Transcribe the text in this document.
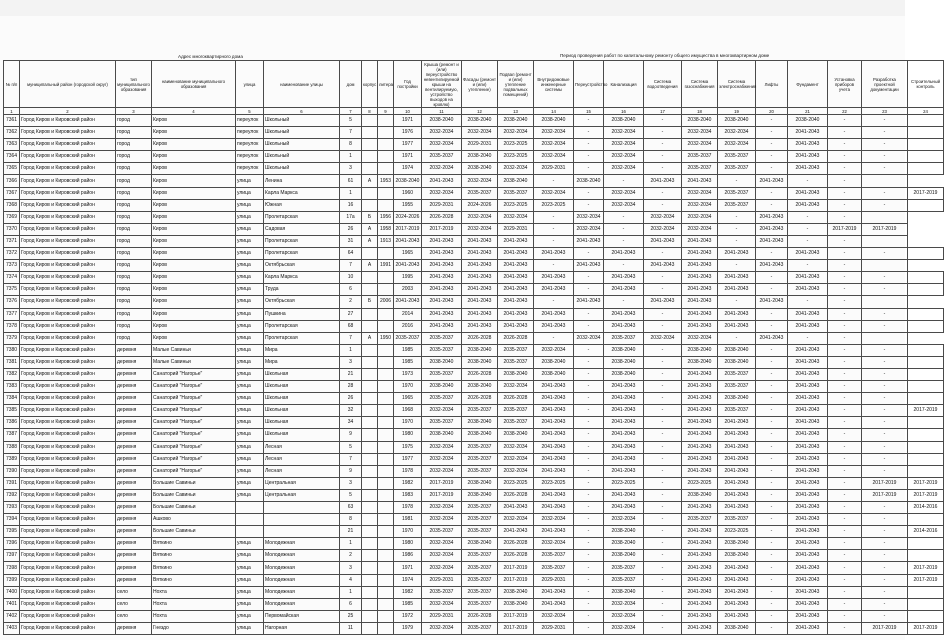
Адрес многоквартирного дома	Период проведения работ по капитальному ремонту общего имущества в многоквартирном доме
№ п/п	муниципальный район (городской округ)	тип муниципального образования	наименование муниципального образования	улица	наименование улицы	дом	корпус	литера	Год постройки	Крыша (ремонт и (или) переустройство невентилируемой крыши на вентилируемую, устройство выходов на кровлю)	Фасады (ремонт и (или) утепление)	Подвал (ремонт и (или) утепление подвальных помещений)	Внутридомовые инженерные системы	Переустройство	Канализация	Система водоотведения	Система газоснабжения	Система электроснабжения	Лифты	Фундамент	Установка приборов учета	Разработка проектной документации	Строительный контроль
1	2	3	4	5	6	7	8	9	10	11	12	13	14	15	16	17	18	19	20	21	22	23	24
7361	Город Киров и Кировский район	город	Киров	переулок	Школьный	5			1971	2038-2040	2038-2040	2038-2040	2038-2040	-	2038-2040	-	2038-2040	2038-2040	-	2038-2040	-	-	
7362	Город Киров и Кировский район	город	Киров	переулок	Школьный	7			1976	2032-2034	2032-2034	2032-2034	2032-2034	-	2032-2034	-	2032-2034	2032-2034	-	2041-2043	-	-	
7363	Город Киров и Кировский район	город	Киров	переулок	Школьный	8			1977	2032-2034	2029-2031	2023-2025	2032-2034	-	2032-2034	-	2032-2034	2032-2034	-	2041-2043	-	-	
7364	Город Киров и Кировский район	город	Киров	переулок	Школьный	1			1971	2035-2037	2038-2040	2023-2025	2032-2034	-	2032-2034	-	2035-2037	2035-2037	-	2041-2043	-	-	
7365	Город Киров и Кировский район	город	Киров	переулок	Школьный	3			1974	2032-2034	2038-2040	2032-2034	2029-2031	-	2032-2034	-	2035-2037	2035-2037	-	2041-2043	-	-	
7366	Город Киров и Кировский район	город	Киров	улица	Ленина	61	А	1953	2038-2040	2041-2043	2032-2034	2038-2040	-	2038-2040	-	2041-2043	2041-2043	-	2041-2043	-	-		
7367	Город Киров и Кировский район	город	Киров	улица	Карла Маркса	1			1960	2032-2034	2035-2037	2035-2037	2032-2034	-	2032-2034	-	2032-2034	2035-2037	-	2041-2043	-	-	2017-2019
7368	Город Киров и Кировский район	город	Киров	улица	Южная	16			1955	2029-2031	2024-2026	2023-2025	2023-2025	-	2032-2034	-	2032-2034	2035-2037	-	2041-2043	-	-	
7369	Город Киров и Кировский район	город	Киров	улица	Пролетарская	17а	Б	1956	2024-2026	2026-2028	2032-2034	2032-2034	-	2032-2034	-	2032-2034	2032-2034	-	2041-2043	-	-		
7370	Город Киров и Кировский район	город	Киров	улица	Садовая	26	А	1958	2017-2019	2017-2019	2032-2034	2029-2031	-	2032-2034	-	2032-2034	2032-2034	-	2041-2043	-	2017-2019	2017-2019	
7371	Город Киров и Кировский район	город	Киров	улица	Пролетарская	31	А	1913	2041-2043	2041-2043	2041-2043	2041-2043	-	2041-2043	-	2041-2043	2041-2043	-	2041-2043	-	-		
7372	Город Киров и Кировский район	город	Киров	улица	Пролетарская	64			1965	2041-2043	2041-2043	2041-2043	2041-2043	-	2041-2043	-	2041-2043	2041-2043	-	2041-2043	-	-	
7373	Город Киров и Кировский район	город	Киров	улица	Октябрьская	7	А	1991	2041-2043	2041-2043	2041-2043	2041-2043	-	2041-2043	-	2041-2043	2041-2043	-	2041-2043	-	-		
7374	Город Киров и Кировский район	город	Киров	улица	Карла Маркса	10			1995	2041-2043	2041-2043	2041-2043	2041-2043	-	2041-2043	-	2041-2043	2041-2043	-	2041-2043	-	-	
7375	Город Киров и Кировский район	город	Киров	улица	Труда	6			2003	2041-2043	2041-2043	2041-2043	2041-2043	-	2041-2043	-	2041-2043	2041-2043	-	2041-2043	-	-	
7376	Город Киров и Кировский район	город	Киров	улица	Октябрьская	2	Б	2006	2041-2043	2041-2043	2041-2043	2041-2043	-	2041-2043	-	2041-2043	2041-2043	-	2041-2043	-	-		
7377	Город Киров и Кировский район	город	Киров	улица	Пушкина	27			2014	2041-2043	2041-2043	2041-2043	2041-2043	-	2041-2043	-	2041-2043	2041-2043	-	2041-2043	-	-	
7378	Город Киров и Кировский район	город	Киров	улица	Пролетарская	68			2016	2041-2043	2041-2043	2041-2043	2041-2043	-	2041-2043	-	2041-2043	2041-2043	-	2041-2043	-	-	
7379	Город Киров и Кировский район	город	Киров	улица	Пролетарская	7	А	1950	2035-2037	2035-2037	2026-2028	2026-2028	-	2032-2034	2035-2037	2032-2034	2032-2034	-	2041-2043	-	-		
7380	Город Киров и Кировский район	деревня	Малые Савиньи	улица	Мира	1			1985	2035-2037	2038-2040	2035-2037	2032-2034	-	2038-2040	-	2038-2040	2038-2040	-	2041-2043	-	-	
7381	Город Киров и Кировский район	деревня	Малые Савиньи	улица	Мира	3			1985	2038-2040	2038-2040	2035-2037	2038-2040	-	2038-2040	-	2038-2040	2038-2040	-	2041-2043	-	-	
7382	Город Киров и Кировский район	деревня	Санаторий "Нагорье"	улица	Школьная	21			1973	2035-2037	2026-2028	2038-2040	2038-2040	-	2038-2040	-	2041-2043	2035-2037	-	2041-2043	-	-	
7383	Город Киров и Кировский район	деревня	Санаторий "Нагорье"	улица	Школьная	28			1970	2038-2040	2038-2040	2032-2034	2041-2043	-	2041-2043	-	2041-2043	2035-2037	-	2041-2043	-	-	
7384	Город Киров и Кировский район	деревня	Санаторий "Нагорье"	улица	Школьная	26			1965	2035-2037	2026-2028	2026-2028	2041-2043	-	2041-2043	-	2041-2043	2038-2040	-	2041-2043	-	-	
7385	Город Киров и Кировский район	деревня	Санаторий "Нагорье"	улица	Школьная	32			1968	2032-2034	2035-2037	2035-2037	2041-2043	-	2041-2043	-	2041-2043	2035-2037	-	2041-2043	-	-	2017-2019
7386	Город Киров и Кировский район	деревня	Санаторий "Нагорье"	улица	Школьная	34			1970	2035-2037	2038-2040	2035-2037	2041-2043	-	2041-2043	-	2041-2043	2041-2043	-	2041-2043	-	-	
7387	Город Киров и Кировский район	деревня	Санаторий "Нагорье"	улица	Школьная	9			1980	2038-2040	2038-2040	2038-2040	2041-2043	-	2041-2043	-	2041-2043	2041-2043	-	2041-2043	-	-	
7388	Город Киров и Кировский район	деревня	Санаторий "Нагорье"	улица	Лесная	5			1975	2032-2034	2035-2037	2032-2034	2041-2043	-	2041-2043	-	2041-2043	2041-2043	-	2041-2043	-	-	
7389	Город Киров и Кировский район	деревня	Санаторий "Нагорье"	улица	Лесная	7			1977	2032-2034	2035-2037	2032-2034	2041-2043	-	2041-2043	-	2041-2043	2041-2043	-	2041-2043	-	-	
7390	Город Киров и Кировский район	деревня	Санаторий "Нагорье"	улица	Лесная	9			1978	2032-2034	2035-2037	2032-2034	2041-2043	-	2041-2043	-	2041-2043	2041-2043	-	2041-2043	-	-	
7391	Город Киров и Кировский район	деревня	Большие Савиньи	улица	Центральная	3			1982	2017-2019	2038-2040	2023-2025	2023-2025	-	2023-2025	-	2023-2025	2041-2043	-	2041-2043	-	2017-2019	2017-2019
7392	Город Киров и Кировский район	деревня	Большие Савиньи	улица	Центральная	5			1983	2017-2019	2038-2040	2026-2028	2041-2043	-	2041-2043	-	2038-2040	2041-2043	-	2041-2043	-	2017-2019	2017-2019
7393	Город Киров и Кировский район	деревня	Большие Савиньи			63			1978	2032-2034	2035-2037	2041-2043	2041-2043	-	2041-2043	-	2041-2043	2041-2043	-	2041-2043	-	-	2014-2016
7394	Город Киров и Кировский район	деревня	Ашково			8			1981	2032-2034	2035-2037	2032-2034	2032-2034	-	2032-2034	-	2035-2037	2035-2037	-	2041-2043	-	-	
7395	Город Киров и Кировский район	деревня	Большие Савиньи			21			1970	2035-2037	2035-2037	2041-2043	2041-2043	-	2038-2040	-	2041-2043	2023-2025	-	2041-2043	-	-	2014-2016
7396	Город Киров и Кировский район	деревня	Вяткино	улица	Молодежная	1			1980	2032-2034	2038-2040	2026-2028	2032-2034	-	2038-2040	-	2041-2043	2038-2040	-	2041-2043	-	-	
7397	Город Киров и Кировский район	деревня	Вяткино	улица	Молодежная	2			1986	2032-2034	2035-2037	2026-2028	2035-2037	-	2038-2040	-	2041-2043	2038-2040	-	2041-2043	-	-	
7398	Город Киров и Кировский район	деревня	Вяткино	улица	Молодежная	3			1971	2032-2034	2035-2037	2017-2019	2035-2037	-	2035-2037	-	2041-2043	2041-2043	-	2041-2043	-	-	2017-2019
7399	Город Киров и Кировский район	деревня	Вяткино	улица	Молодежная	4			1974	2029-2031	2035-2037	2017-2019	2029-2031	-	2035-2037	-	2041-2043	2041-2043	-	2041-2043	-	-	2017-2019
7400	Город Киров и Кировский район	село	Нохта	улица	Молодежная	1			1982	2035-2037	2035-2037	2038-2040	2041-2043	-	2038-2040	-	2041-2043	2041-2043	-	2041-2043	-	-	
7401	Город Киров и Кировский район	село	Нохта	улица	Молодежная	6			1985	2032-2034	2035-2037	2038-2040	2041-2043	-	2032-2034	-	2041-2043	2041-2043	-	2041-2043	-	-	
7402	Город Киров и Кировский район	село	Нохта	улица	Первомайская	25			1972	2029-2031	2026-2028	2017-2019	2032-2034	-	2032-2034	-	2041-2043	2041-2043	-	2041-2043	-	-	
7403	Город Киров и Кировский район	деревня	Гнездо	улица	Нагорная	11			1979	2032-2034	2035-2037	2017-2019	2029-2031	-	2032-2034	-	2041-2043	2038-2040	-	2041-2043	-	2017-2019	2017-2019
